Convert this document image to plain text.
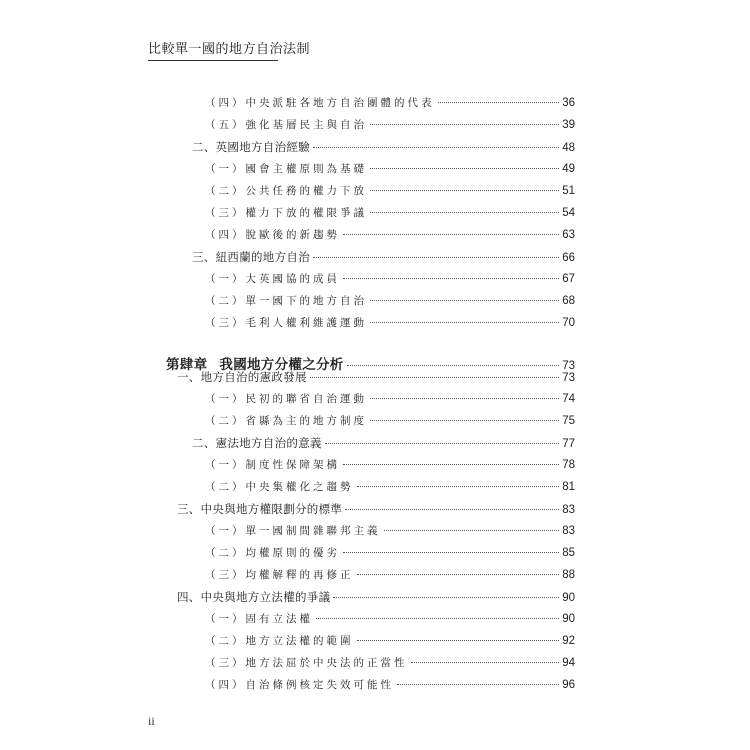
比較單一國的地方自治法制
（四）中央派駐各地方自治團體的代表	36
（五）強化基層民主與自治	39
二、英國地方自治經驗	48
（一）國會主權原則為基礎	49
（二）公共任務的權力下放	51
（三）權力下放的權限爭議	54
（四）脫歐後的新趨勢	63
三、紐西蘭的地方自治	66
（一）大英國協的成員	67
（二）單一國下的地方自治	68
（三）毛利人權利維護運動	70
第肆章 我國地方分權之分析	73
一、地方自治的憲政發展	73
（一）民初的聯省自治運動	74
（二）省縣為主的地方制度	75
二、憲法地方自治的意義	77
（一）制度性保障架構	78
（二）中央集權化之趨勢	81
三、中央與地方權限劃分的標準	83
（一）單一國制間雜聯邦主義	83
（二）均權原則的優劣	85
（三）均權解釋的再修正	88
四、中央與地方立法權的爭議	90
（一）固有立法權	90
（二）地方立法權的範圍	92
（三）地方法屈於中央法的正當性	94
（四）自治條例核定失效可能性	96
ii
